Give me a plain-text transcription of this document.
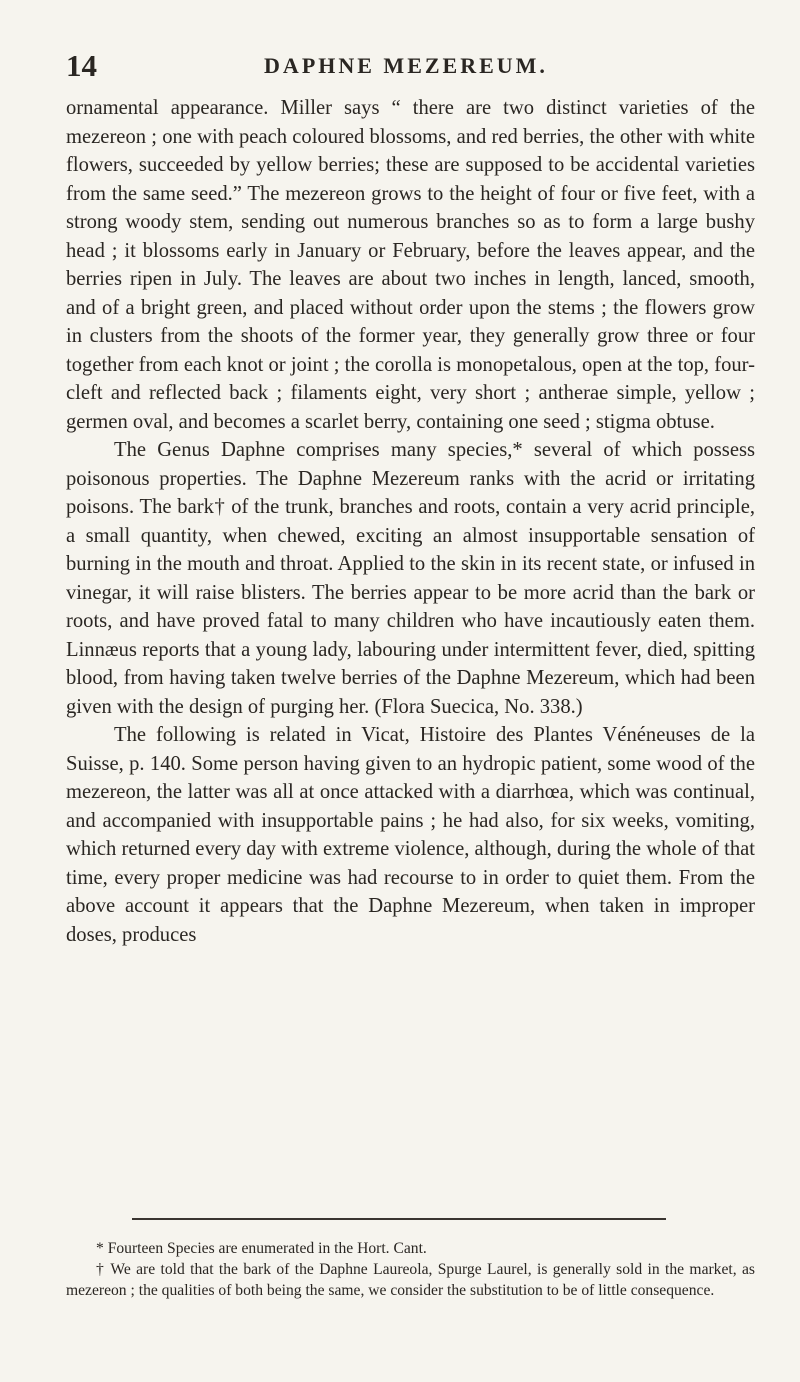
14	DAPHNE MEZEREUM.

ornamental appearance. Miller says “ there are two distinct varieties of the mezereon ; one with peach coloured blossoms, and red berries, the other with white flowers, succeeded by yellow berries; these are supposed to be accidental varieties from the same seed.” The mezereon grows to the height of four or five feet, with a strong woody stem, sending out numerous branches so as to form a large bushy head ; it blossoms early in January or February, before the leaves appear, and the berries ripen in July. The leaves are about two inches in length, lanced, smooth, and of a bright green, and placed without order upon the stems ; the flowers grow in clusters from the shoots of the former year, they generally grow three or four together from each knot or joint ; the corolla is monopetalous, open at the top, four-cleft and reflected back ; filaments eight, very short ; antherae simple, yellow ; germen oval, and becomes a scarlet berry, containing one seed ; stigma obtuse.

The Genus Daphne comprises many species,* several of which possess poisonous properties. The Daphne Mezereum ranks with the acrid or irritating poisons. The bark† of the trunk, branches and roots, contain a very acrid principle, a small quantity, when chewed, exciting an almost insupportable sensation of burning in the mouth and throat. Applied to the skin in its recent state, or infused in vinegar, it will raise blisters. The berries appear to be more acrid than the bark or roots, and have proved fatal to many children who have incautiously eaten them. Linnæus reports that a young lady, labouring under intermittent fever, died, spitting blood, from having taken twelve berries of the Daphne Mezereum, which had been given with the design of purging her. (Flora Suecica, No. 338.)

The following is related in Vicat, Histoire des Plantes Vénéneuses de la Suisse, p. 140. Some person having given to an hydropic patient, some wood of the mezereon, the latter was all at once attacked with a diarrhœa, which was continual, and accompanied with insupportable pains ; he had also, for six weeks, vomiting, which returned every day with extreme violence, although, during the whole of that time, every proper medicine was had recourse to in order to quiet them. From the above account it appears that the Daphne Mezereum, when taken in improper doses, produces

* Fourteen Species are enumerated in the Hort. Cant.

† We are told that the bark of the Daphne Laureola, Spurge Laurel, is generally sold in the market, as mezereon ; the qualities of both being the same, we consider the substitution to be of little consequence.
